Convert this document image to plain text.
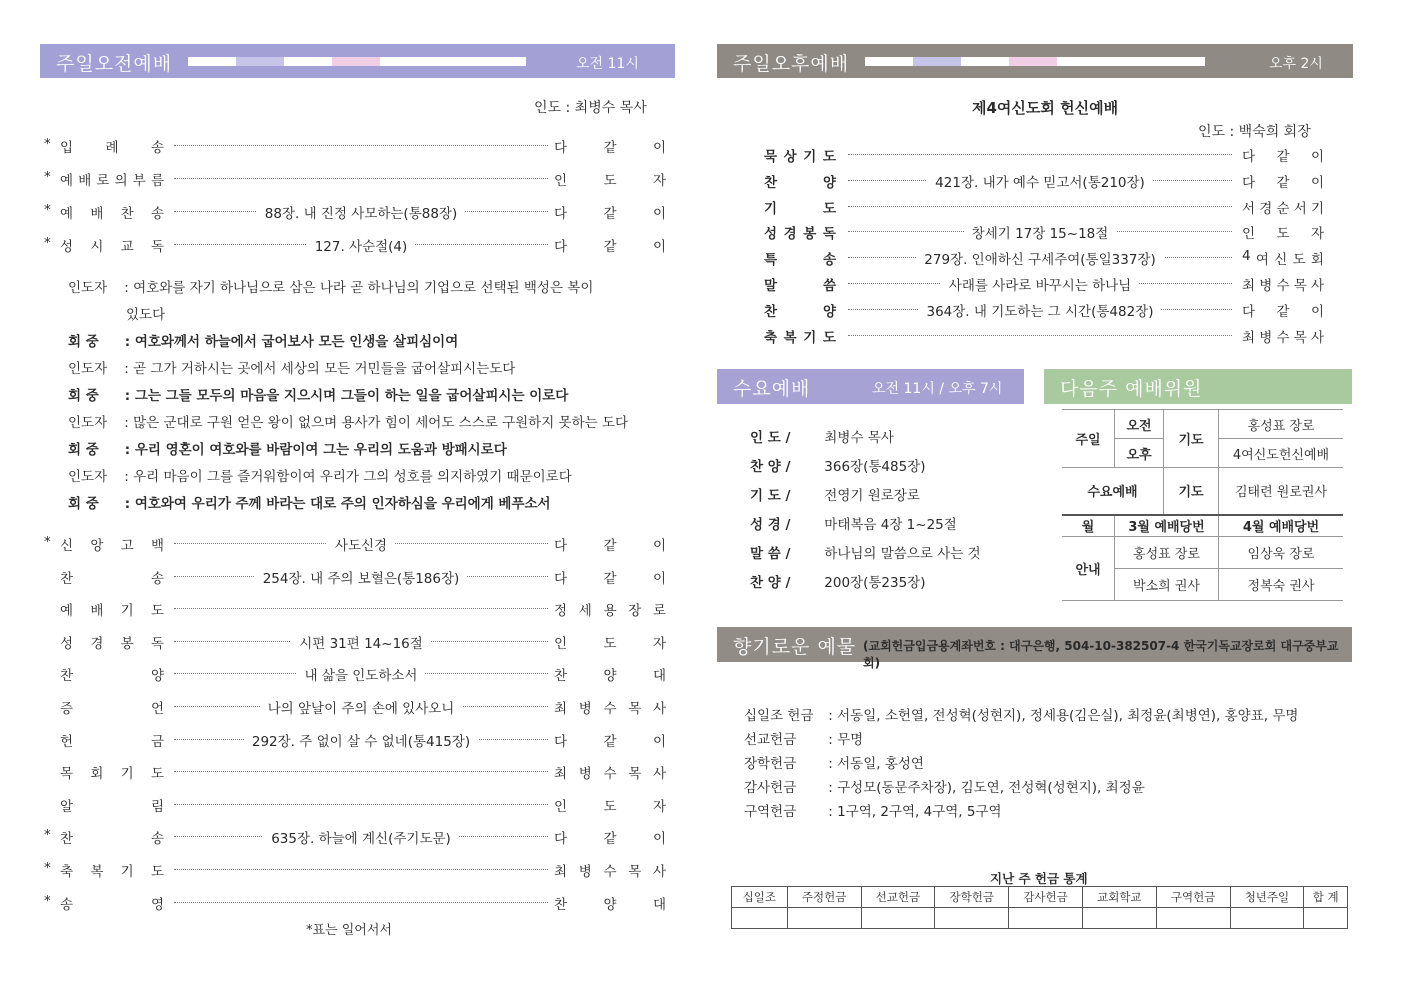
주일오전예배	오전 11시
인도 : 최병수 목사
* 입 례 송	다	같	이
* 예 배 로 의 부 름	인	도	자
* 예 배 찬 송	88장. 내 진정 사모하는(통88장)	다	같	이
* 성 시 교 독	127. 사순절(4)	다	같	이
인도자 : 여호와를 자기 하나님으로 삼은 나라 곧 하나님의 기업으로 선택된 백성은 복이
있도다
회 중 : 여호와께서 하늘에서 굽어보사 모든 인생을 살피심이여
인도자 : 곧 그가 거하시는 곳에서 세상의 모든 거민들을 굽어살피시는도다
회 중 : 그는 그들 모두의 마음을 지으시며 그들이 하는 일을 굽어살피시는 이로다
인도자 : 많은 군대로 구원 얻은 왕이 없으며 용사가 힘이 세어도 스스로 구원하지 못하는 도다
회 중 : 우리 영혼이 여호와를 바람이여 그는 우리의 도움과 방패시로다
인도자 : 우리 마음이 그를 즐거워함이여 우리가 그의 성호를 의지하였기 때문이로다
회 중 : 여호와여 우리가 주께 바라는 대로 주의 인자하심을 우리에게 베푸소서
* 신 앙 고 백	사도신경	다	같	이
찬	송	254장. 내 주의 보혈은(통186장)	다	같	이
예 배 기 도	정 세 용 장 로
성 경 봉 독	시편 31편 14~16절	인	도	자
찬	양	내 삶을 인도하소서	찬	양	대
증	언	나의 앞날이 주의 손에 있사오니	최 병 수 목 사
헌	금	292장. 주 없이 살 수 없네(통415장)	다	같	이
목 회 기 도	최 병 수 목 사
알	림	인	도	자
* 찬	송	635장. 하늘에 계신(주기도문)	다	같	이
* 축 복 기 도	최 병 수 목 사
* 송	영	찬	양	대
*표는 일어서서
주일오후예배	오후 2시
제4여신도회 헌신예배
인도 : 백숙희 회장
묵 상 기 도	다 같 이
찬	양	421장. 내가 예수 믿고서(통210장)	다 같 이
기	도	서 경 순 서 기
성 경 봉 독	창세기 17장 15~18절	인 도 자
특	송	279장. 인애하신 구세주여(통일337장)	4 여 신 도 회
말	씀	사래를 사라로 바꾸시는 하나님	최 병 수 목 사
찬	양	364장. 내 기도하는 그 시간(통482장)	다 같 이
축 복 기 도	최 병 수 목 사
수요예배	오전 11시 / 오후 7시
인 도 / 최병수 목사
찬 양 / 366장(통485장)
기 도 / 전영기 원로장로
성 경 / 마태복음 4장 1~25절
말 씀 / 하나님의 말씀으로 사는 것
찬 양 / 200장(통235장)
다음주 예배위원
주일	오전	기도	홍성표 장로
	오후		4여신도헌신예배
수요예배		기도	김태련 원로권사
월	3월 예배당번		4월 예배당번
안내	홍성표 장로		임상욱 장로
	박소희 권사		정복숙 권사
향기로운 예물 (교회헌금입금용계좌번호 : 대구은행, 504-10-382507-4 한국기독교장로회 대구중부교회)
십일조 헌금 : 서동일, 소헌열, 전성혁(성현지), 정세용(김은실), 최정윤(최병연), 홍양표, 무명
선교헌금 : 무명
장학헌금 : 서동일, 홍성연
감사헌금 : 구성모(동문주차장), 김도연, 전성혁(성현지), 최정윤
구역헌금 : 1구역, 2구역, 4구역, 5구역
지난 주 헌금 통계
십일조	주정헌금	선교헌금	장학헌금	감사헌금	교회학교	구역헌금	청년주일	합 계
